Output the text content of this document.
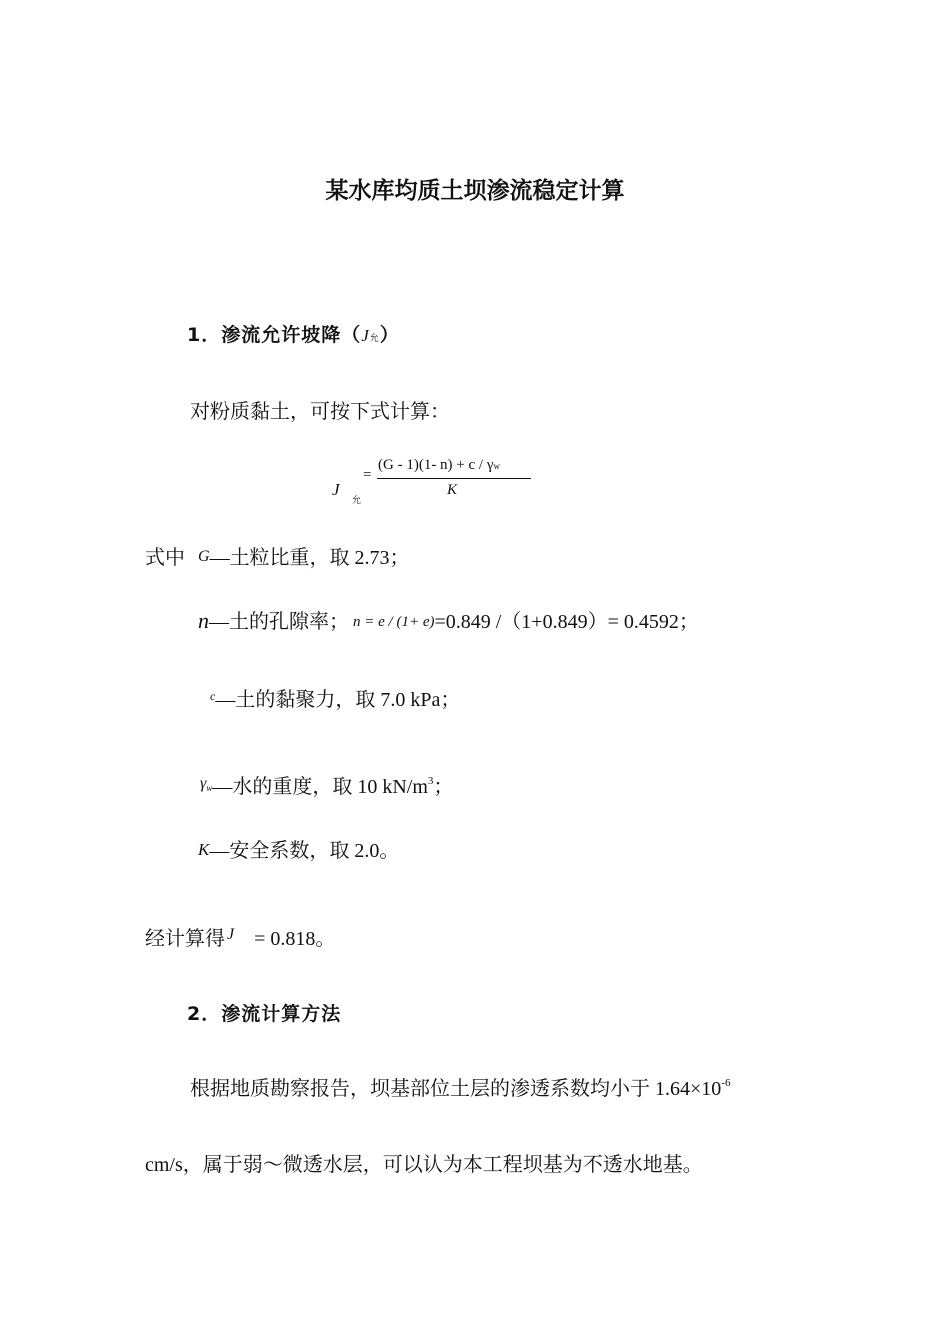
某水库均质土坝渗流稳定计算
1．渗流允许坡降（J允）
对粉质黏土，可按下式计算：
J
允
=
(G - 1)(1- n) + c / γw
K
式中 G—土粒比重，取 2.73；
n—土的孔隙率； n = e / (1+ e)=0.849 /（1+0.849）= 0.4592；
$^c$—土的黏聚力，取 7.0 kPa；
$^{\gamma w}$—水的重度，取 10 $kN/m^3$；
K—安全系数，取 2.0。
经计算得 $^J$ = 0.818。
2．渗流计算方法
根据地质勘察报告，坝基部位土层的渗透系数均小于 $1.64\times 10^{-6}$
cm/s，属于弱～微透水层，可以认为本工程坝基为不透水地基。
